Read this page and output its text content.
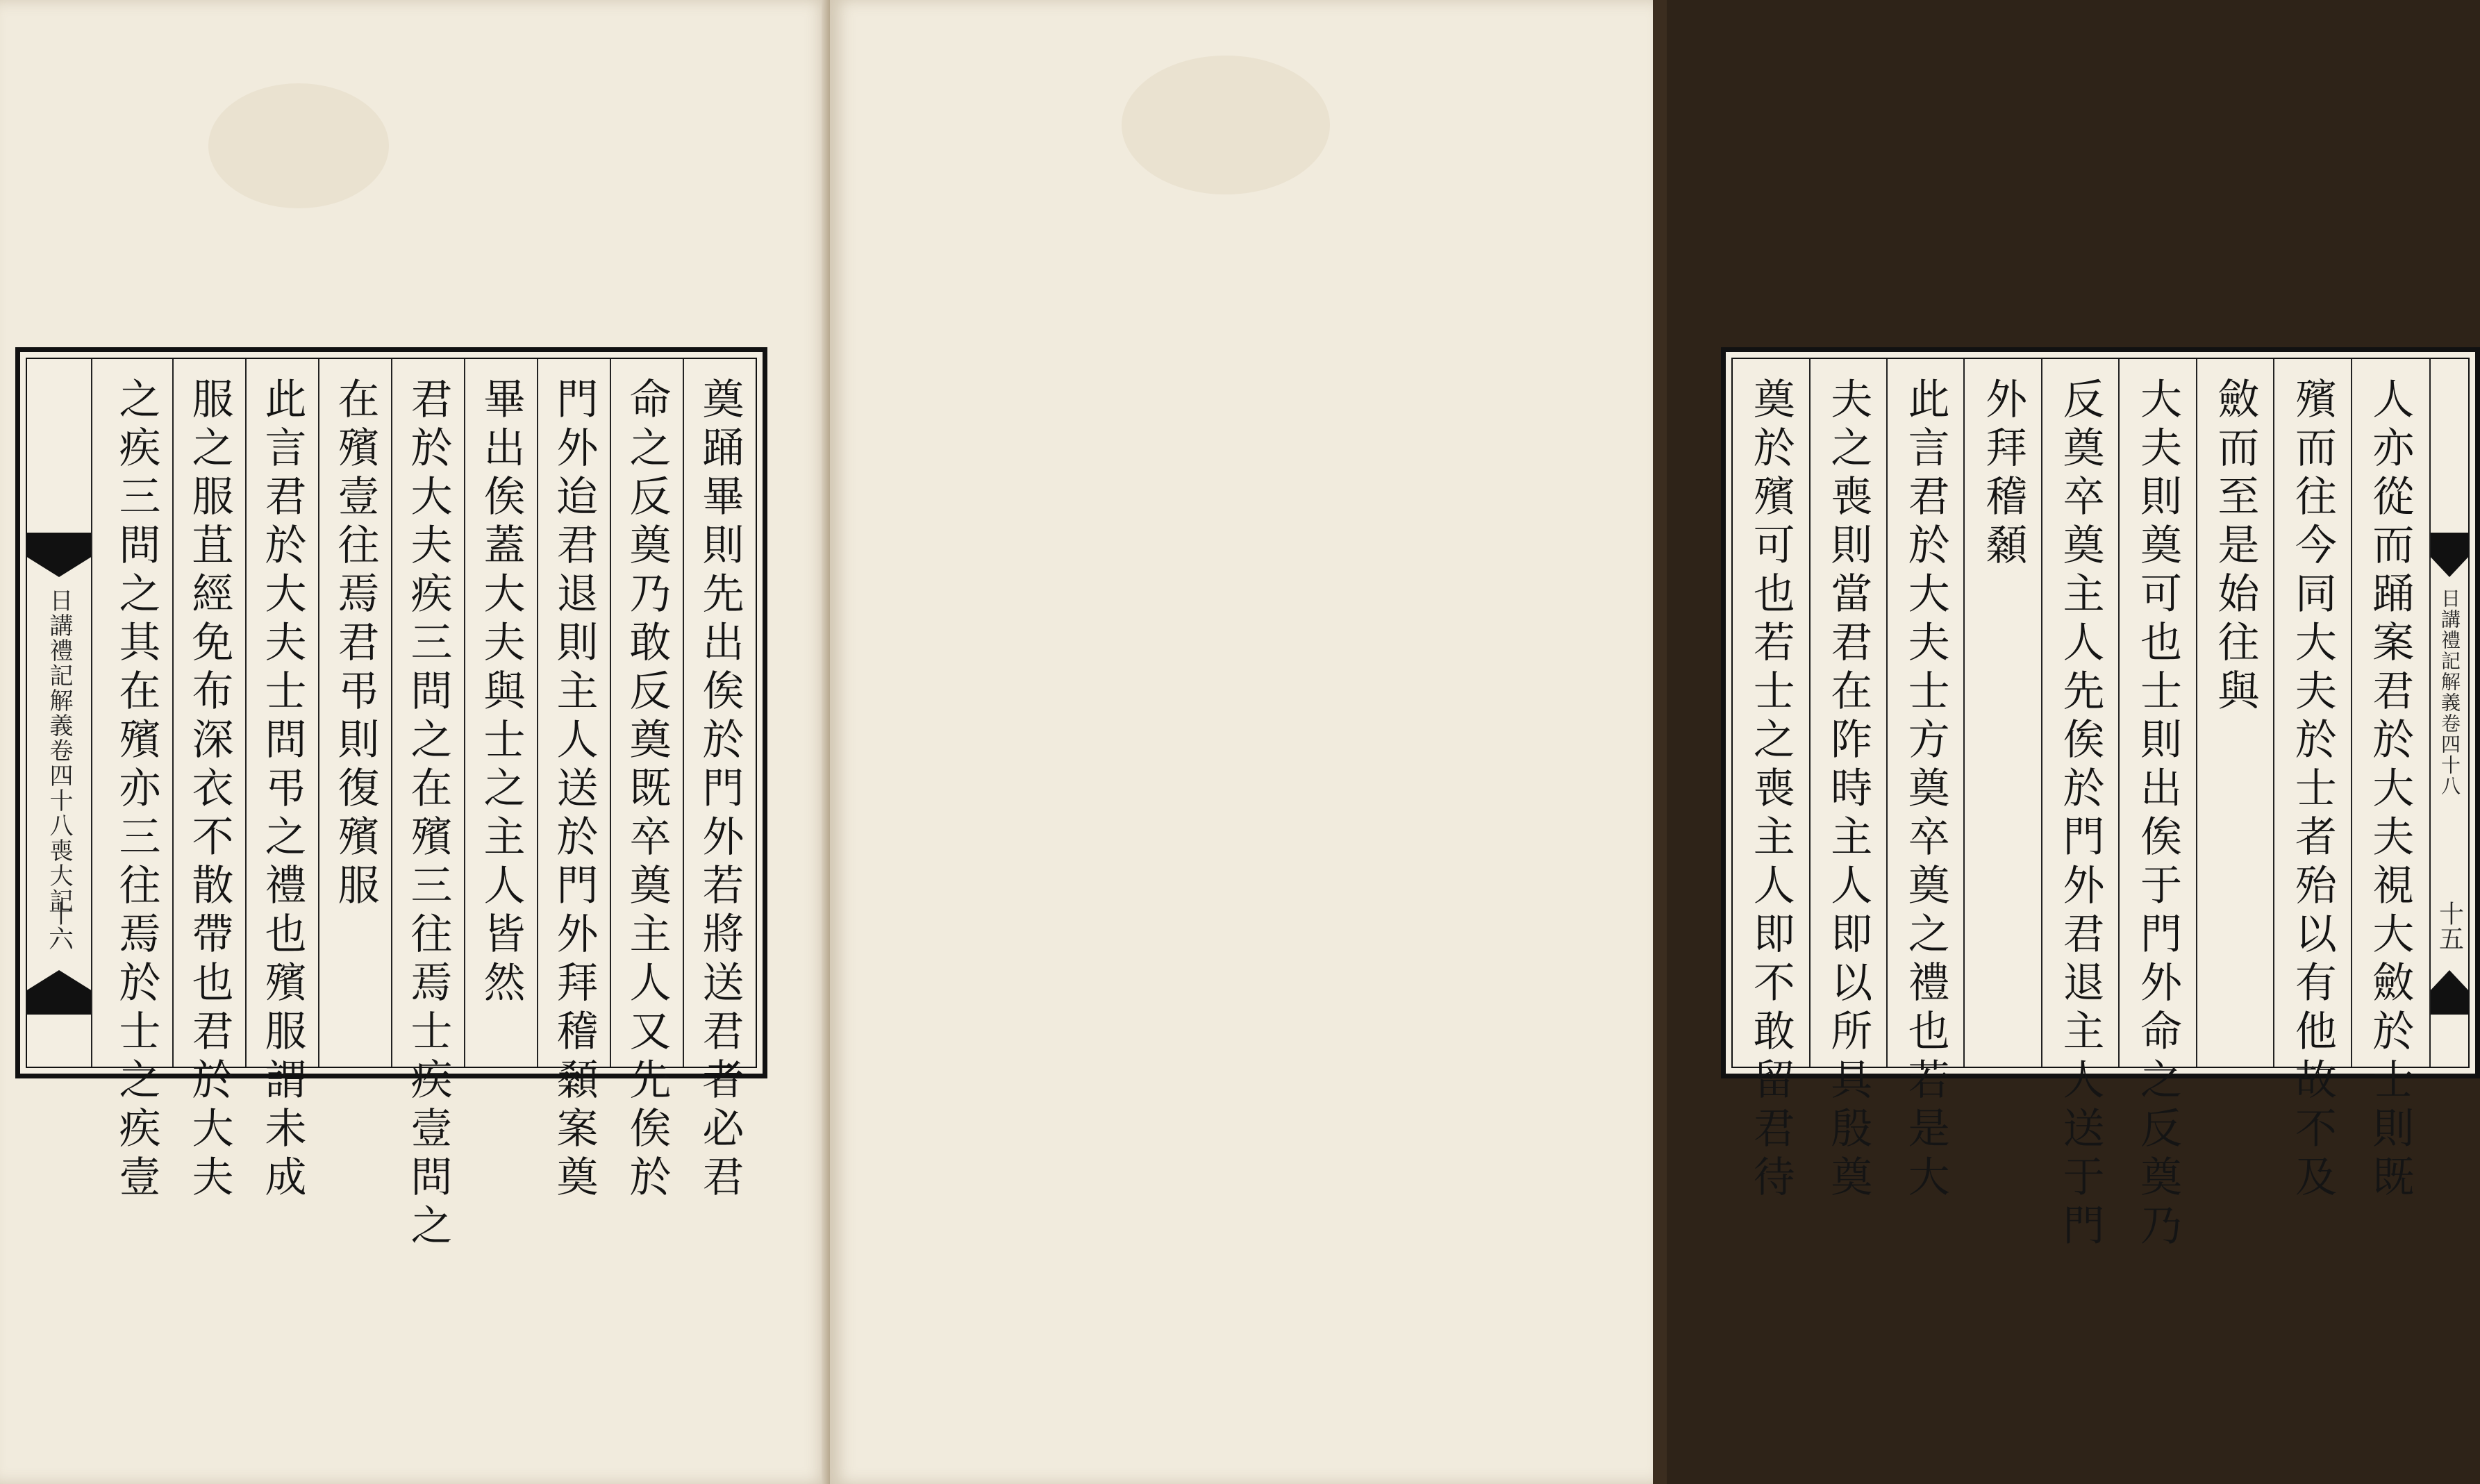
奠踊畢則先出俟於門外若將送君者必君
命之反奠乃敢反奠既卒奠主人又先俟於
門外迨君退則主人送於門外拜稽顙案奠
畢出俟蓋大夫與士之主人皆然
君於大夫疾三問之在殯三往焉士疾壹問之
在殯壹往焉君弔則復殯服
此言君於大夫士問弔之禮也殯服謂未成
服之服苴經免布深衣不散帶也君於大夫
之疾三問之其在殯亦三往焉於士之疾壹
日講禮記解義卷四十八喪大記
十六	人亦從而踊案君於大夫視大斂於士則既
殯而往今同大夫於士者殆以有他故不及
斂而至是始往與
大夫則奠可也士則出俟于門外命之反奠乃
反奠卒奠主人先俟於門外君退主人送于門
外拜稽顙
此言君於大夫士方奠卒奠之禮也若是大
夫之喪則當君在阼時主人即以所具殷奠
奠於殯可也若士之喪主人即不敢留君待	日講禮記解義卷四十八
十五
